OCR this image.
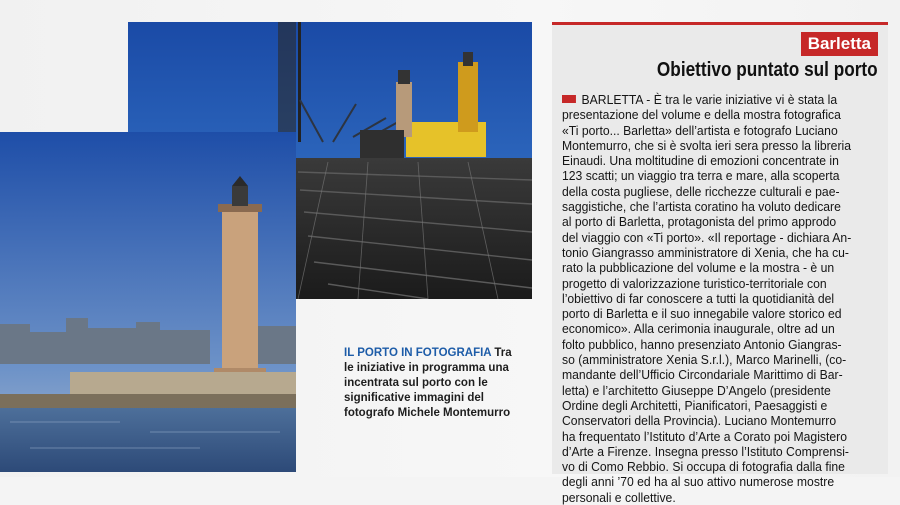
IL PORTO IN FOTOGRAFIA Tra
le iniziative in programma una
incentrata sul porto con le
significative immagini del
fotografo Michele Montemurro
Barletta
Obiettivo puntato sul porto
BARLETTA - È tra le varie iniziative vi è stata la
presentazione del volume e della mostra fotografica
«Ti porto... Barletta» dell’artista e fotografo Luciano
Montemurro, che si è svolta ieri sera presso la libreria
Einaudi. Una moltitudine di emozioni concentrate in
123 scatti; un viaggio tra terra e mare, alla scoperta
della costa pugliese, delle ricchezze culturali e pae-
saggistiche, che l’artista coratino ha voluto dedicare
al porto di Barletta, protagonista del primo approdo
del viaggio con «Ti porto». «Il reportage - dichiara An-
tonio Giangrasso amministratore di Xenia, che ha cu-
rato la pubblicazione del volume e la mostra - è un
progetto di valorizzazione turistico-territoriale con
l’obiettivo di far conoscere a tutti la quotidianità del
porto di Barletta e il suo innegabile valore storico ed
economico». Alla cerimonia inaugurale, oltre ad un
folto pubblico, hanno presenziato Antonio Giangras-
so (amministratore Xenia S.r.l.), Marco Marinelli, (co-
mandante dell’Ufficio Circondariale Marittimo di Bar-
letta) e l’architetto Giuseppe D’Angelo (presidente
Ordine degli Architetti, Pianificatori, Paesaggisti e
Conservatori della Provincia). Luciano Montemurro
ha frequentato l’Istituto d’Arte a Corato poi Magistero
d’Arte a Firenze. Insegna presso l’Istituto Comprensi-
vo di Como Rebbio. Si occupa di fotografia dalla fine
degli anni ’70 ed ha al suo attivo numerose mostre
personali e collettive.
